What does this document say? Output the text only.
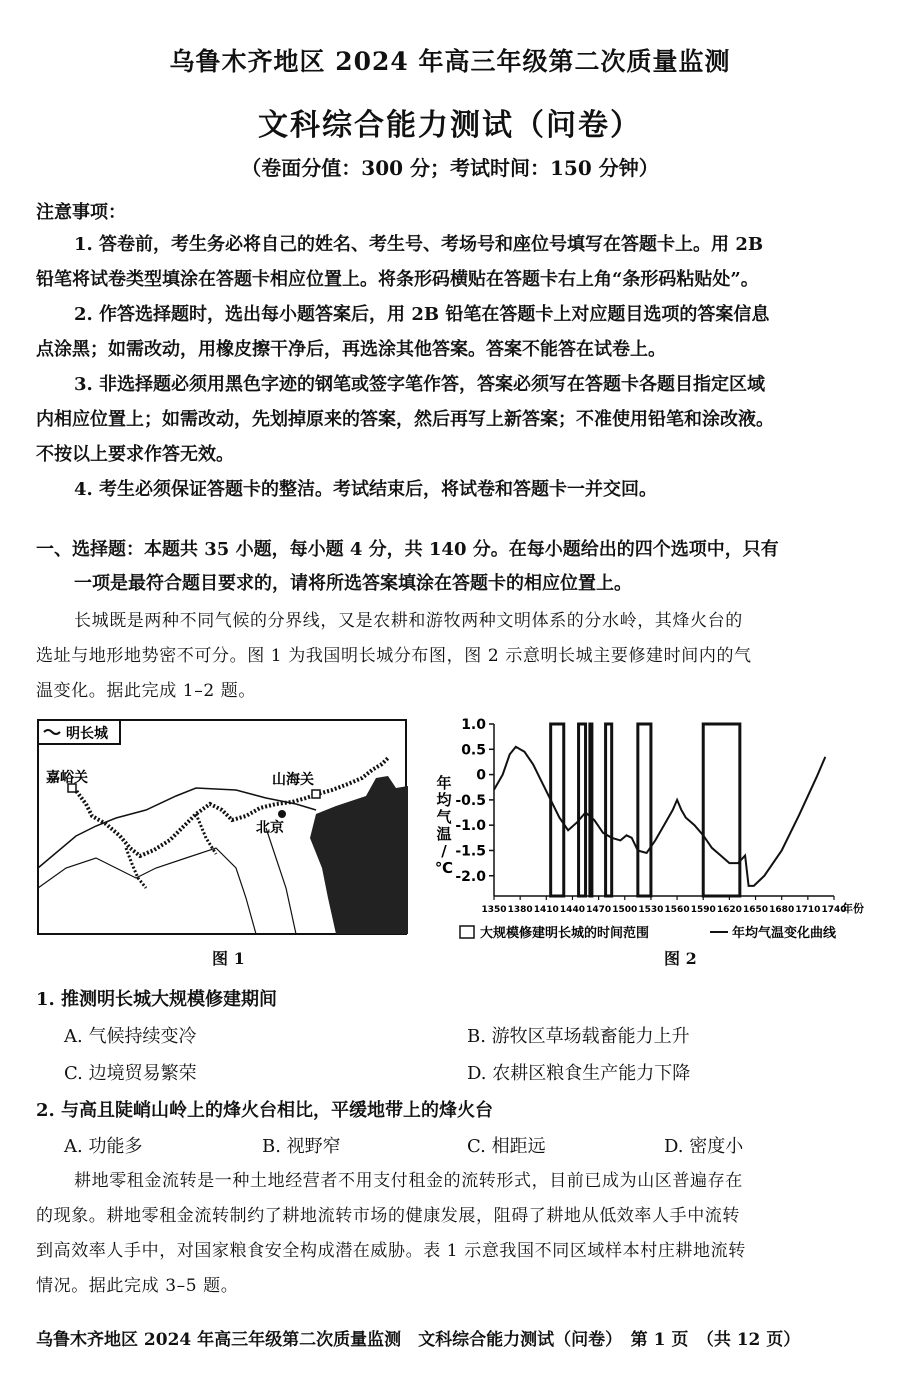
乌鲁木齐地区 2024 年高三年级第二次质量监测
文科综合能力测试（问卷）
（卷面分值：300 分；考试时间：150 分钟）
注意事项：
1. 答卷前，考生务必将自己的姓名、考生号、考场号和座位号填写在答题卡上。用 2B
铅笔将试卷类型填涂在答题卡相应位置上。将条形码横贴在答题卡右上角“条形码粘贴处”。
2. 作答选择题时，选出每小题答案后，用 2B 铅笔在答题卡上对应题目选项的答案信息
点涂黑；如需改动，用橡皮擦干净后，再选涂其他答案。答案不能答在试卷上。
3. 非选择题必须用黑色字迹的钢笔或签字笔作答，答案必须写在答题卡各题目指定区域
内相应位置上；如需改动，先划掉原来的答案，然后再写上新答案；不准使用铅笔和涂改液。
不按以上要求作答无效。
4. 考生必须保证答题卡的整洁。考试结束后，将试卷和答题卡一并交回。
一、选择题：本题共 35 小题，每小题 4 分，共 140 分。在每小题给出的四个选项中，只有
一项是最符合题目要求的，请将所选答案填涂在答题卡的相应位置上。
长城既是两种不同气候的分界线，又是农耕和游牧两种文明体系的分水岭，其烽火台的
选址与地形地势密不可分。图 1 为我国明长城分布图，图 2 示意明长城主要修建时间内的气
温变化。据此完成 1–2 题。
明长城
嘉峪关	山海关
北京
图 1
年
均
气
温
/
℃
1.0
0.5
0
-0.5
-1.0
-1.5
-2.0
1350 1380 1410 1440 1470 1500 1530 1560 1590 1620 1650 1680 1710 1740
年份
大规模修建明长城的时间范围	年均气温变化曲线
图 2
1. 推测明长城大规模修建期间
A. 气候持续变冷	B. 游牧区草场载畜能力上升
C. 边境贸易繁荣	D. 农耕区粮食生产能力下降
2. 与高且陡峭山岭上的烽火台相比，平缓地带上的烽火台
A. 功能多	B. 视野窄	C. 相距远	D. 密度小
耕地零租金流转是一种土地经营者不用支付租金的流转形式，目前已成为山区普遍存在
的现象。耕地零租金流转制约了耕地流转市场的健康发展，阻碍了耕地从低效率人手中流转
到高效率人手中，对国家粮食安全构成潜在威胁。表 1 示意我国不同区域样本村庄耕地流转
情况。据此完成 3–5 题。
乌鲁木齐地区 2024 年高三年级第二次质量监测　文科综合能力测试（问卷）　第 1 页　（共 12 页）
